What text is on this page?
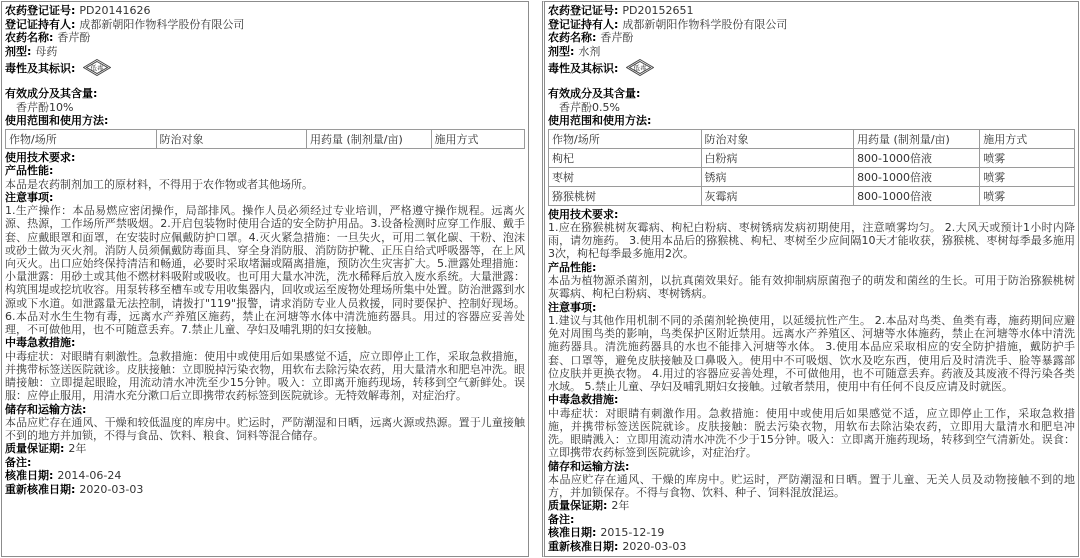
农药登记证号: PD20141626
登记证持有人: 成都新朝阳作物科学股份有限公司
农药名称: 香芹酚
剂型: 母药
毒性及其标识: 低毒
有效成分及其含量:
香芹酚10%
使用范围和使用方法:
作物/场所	防治对象	用药量 (制剂量/亩)	施用方式
使用技术要求:
产品性能:
本品是农药制剂加工的原材料，不得用于农作物或者其他场所。
注意事项:
1.生产操作：本品易燃应密闭操作，局部排风。操作人员必须经过专业培训，严格遵守操作规程。远离火源、热源，工作场所严禁吸烟。2.开启包装物时使用合适的安全防护用品。3.设备检测时应穿工作服、戴手套、应戴眼罩和面罩，在安装时应佩戴防护口罩。4.灭火紧急措施：一旦失火，可用二氧化碳、干粉、泡沫或砂土做为灭火剂。消防人员须佩戴防毒面具、穿全身消防服、消防防护靴、正压自给式呼吸器等，在上风向灭火。出口应始终保持清洁和畅通，必要时采取堵漏或隔离措施，预防次生灾害扩大。5.泄露处理措施：小量泄露：用砂土或其他不燃材料吸附或吸收。也可用大量水冲洗，洗水稀释后放入废水系统。大量泄露：构筑围堤或挖坑收容。用泵转移至槽车或专用收集器内，回收或运至废物处理场所集中处置。防治泄露到水源或下水道。如泄露量无法控制，请拨打"119"报警，请求消防专业人员救援，同时要保护、控制好现场。6.本品对水生生物有毒，远离水产养殖区施药，禁止在河塘等水体中清洗施药器具。用过的容器应妥善处理，不可做他用，也不可随意丢弃。7.禁止儿童、孕妇及哺乳期的妇女接触。
中毒急救措施:
中毒症状：对眼睛有刺激性。急救措施：使用中或使用后如果感觉不适，应立即停止工作，采取急救措施，并携带标签送医院就诊。皮肤接触：立即脱掉污染衣物，用软布去除污染农药，用大量清水和肥皂冲洗。眼睛接触：立即提起眼睑，用流动清水冲洗至少15分钟。吸入：立即离开施药现场，转移到空气新鲜处。误服：应停止服用，用清水充分漱口后立即携带农药标签到医院就诊。无特效解毒剂，对症治疗。
储存和运输方法:
本品应贮存在通风、干燥和较低温度的库房中。贮运时，严防潮湿和日晒，远离火源或热源。置于儿童接触不到的地方并加锁，不得与食品、饮料、粮食、饲料等混合储存。
质量保证期: 2年
备注:
核准日期: 2014-06-24
重新核准日期: 2020-03-03
农药登记证号: PD20152651
登记证持有人: 成都新朝阳作物科学股份有限公司
农药名称: 香芹酚
剂型: 水剂
毒性及其标识: 低毒
有效成分及其含量:
香芹酚0.5%
使用范围和使用方法:
作物/场所	防治对象	用药量 (制剂量/亩)	施用方式
枸杞	白粉病	800-1000倍液	喷雾
枣树	锈病	800-1000倍液	喷雾
猕猴桃树	灰霉病	800-1000倍液	喷雾
使用技术要求:
1.应在猕猴桃树灰霉病、枸杞白粉病、枣树锈病发病初期使用，注意喷雾均匀。 2.大风天或预计1小时内降雨，请勿施药。 3.使用本品后的猕猴桃、枸杞、枣树至少应间隔10天才能收获，猕猴桃、枣树每季最多施用3次，枸杞每季最多施用2次。
产品性能:
本品为植物源杀菌剂，以抗真菌效果好。能有效抑制病原菌孢子的萌发和菌丝的生长。可用于防治猕猴桃树灰霉病、枸杞白粉病、枣树锈病。
注意事项:
1.建议与其他作用机制不同的杀菌剂轮换使用，以延缓抗性产生。 2.本品对鸟类、鱼类有毒，施药期间应避免对周围鸟类的影响，鸟类保护区附近禁用。远离水产养殖区、河塘等水体施药，禁止在河塘等水体中清洗施药器具。清洗施药器具的水也不能排入河塘等水体。 3.使用本品应采取相应的安全防护措施，戴防护手套、口罩等，避免皮肤接触及口鼻吸入。使用中不可吸烟、饮水及吃东西，使用后及时清洗手、脸等暴露部位皮肤并更换衣物。 4.用过的容器应妥善处理，不可做他用，也不可随意丢弃。药液及其废液不得污染各类水域。 5.禁止儿童、孕妇及哺乳期妇女接触。过敏者禁用，使用中有任何不良反应请及时就医。
中毒急救措施:
中毒症状：对眼睛有刺激作用。急救措施：使用中或使用后如果感觉不适，应立即停止工作，采取急救措施，并携带标签送医院就诊。皮肤接触：脱去污染衣物，用软布去除沾染农药，立即用大量清水和肥皂冲洗。眼睛溅入：立即用流动清水冲洗不少于15分钟。吸入：立即离开施药现场，转移到空气清新处。误食：立即携带农药标签到医院就诊，对症治疗。
储存和运输方法:
本品应贮存在通风、干燥的库房中。贮运时，严防潮湿和日晒。置于儿童、无关人员及动物接触不到的地方，并加锁保存。不得与食物、饮料、种子、饲料混放混运。
质量保证期: 2年
备注:
核准日期: 2015-12-19
重新核准日期: 2020-03-03
